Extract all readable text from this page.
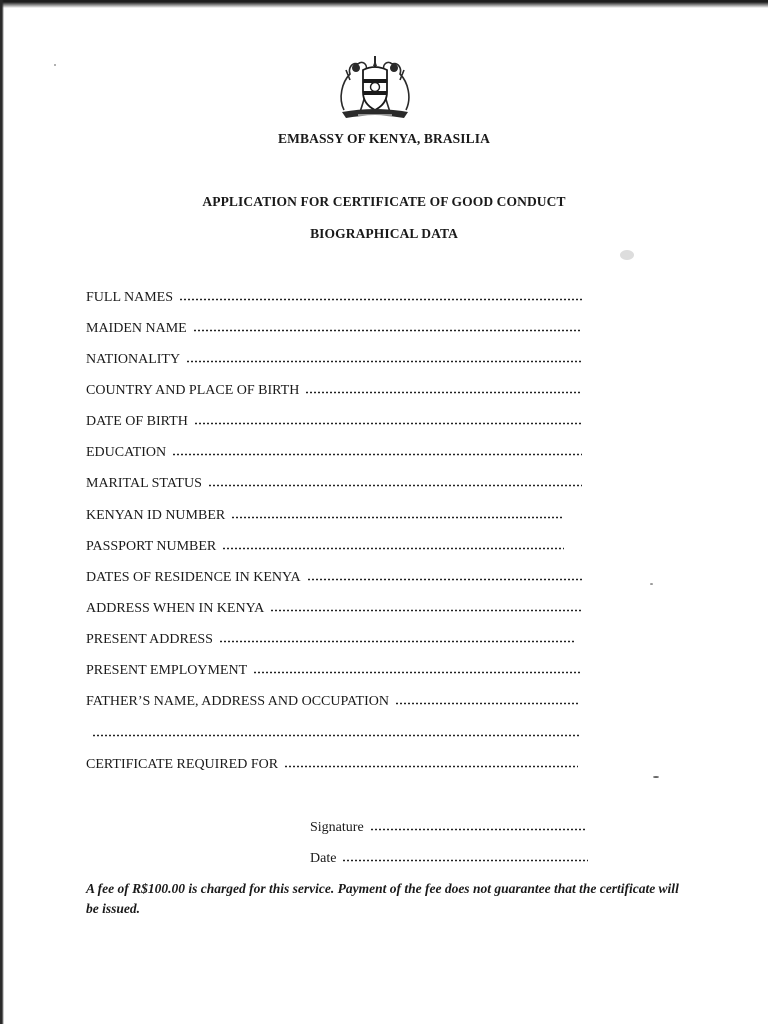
EMBASSY OF KENYA, BRASILIA
APPLICATION FOR CERTIFICATE OF GOOD CONDUCT
BIOGRAPHICAL DATA
FULL NAMES
MAIDEN NAME
NATIONALITY
COUNTRY AND PLACE OF BIRTH
DATE OF BIRTH
EDUCATION
MARITAL STATUS
KENYAN ID NUMBER
PASSPORT NUMBER
DATES OF RESIDENCE IN KENYA
ADDRESS WHEN IN KENYA
PRESENT ADDRESS
PRESENT EMPLOYMENT
FATHER’S NAME, ADDRESS AND OCCUPATION
CERTIFICATE REQUIRED FOR
Signature
Date
A fee of R$100.00 is charged for this service. Payment of the fee does not guarantee that the certificate will be issued.
